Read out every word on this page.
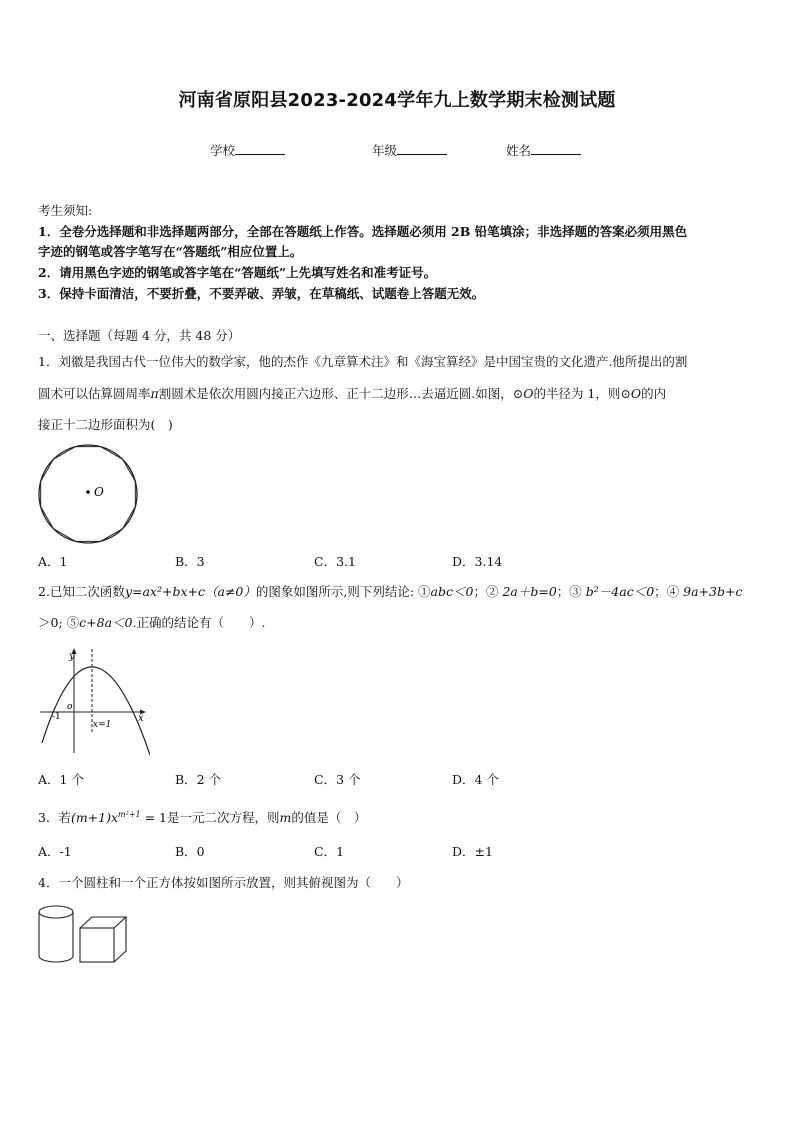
河南省原阳县2023-2024学年九上数学期末检测试题
学校	年级	姓名
考生须知:
1．全卷分选择题和非选择题两部分，全部在答题纸上作答。选择题必须用 2B 铅笔填涂；非选择题的答案必须用黑色
字迹的钢笔或答字笔写在“答题纸”相应位置上。
2．请用黑色字迹的钢笔或答字笔在“答题纸”上先填写姓名和准考证号。
3．保持卡面清洁，不要折叠，不要弄破、弄皱，在草稿纸、试题卷上答题无效。
一、选择题（每题 4 分，共 48 分）
1．刘徽是我国古代一位伟大的数学家，他的杰作《九章算术注》和《海宝算经》是中国宝贵的文化遗产.他所提出的割
圆术可以估算圆周率π割圆术是依次用圆内接正六边形、正十二边形…去逼近圆.如图，⊙O的半径为 1，则⊙O的内
接正十二边形面积为(　)
O
A．1	B．3	C．3.1	D．3.14
2.已知二次函数y=ax²+bx+c（a≠0）的图象如图所示,则下列结论: ①abc＜0；② 2a＋b=0；③ b²－4ac＜0；④ 9a+3b+c
＞0; ⑤c+8a＜0.正确的结论有（　　）.
y
x
o
-1
x=1
A．1 个	B．2 个	C．3 个	D．4 个
3．若$(m+1)x^{m^2+1} = 1$是一元二次方程，则m的值是（　）
A．-1	B．0	C．1	D．±1
4．一个圆柱和一个正方体按如图所示放置，则其俯视图为（　　）
